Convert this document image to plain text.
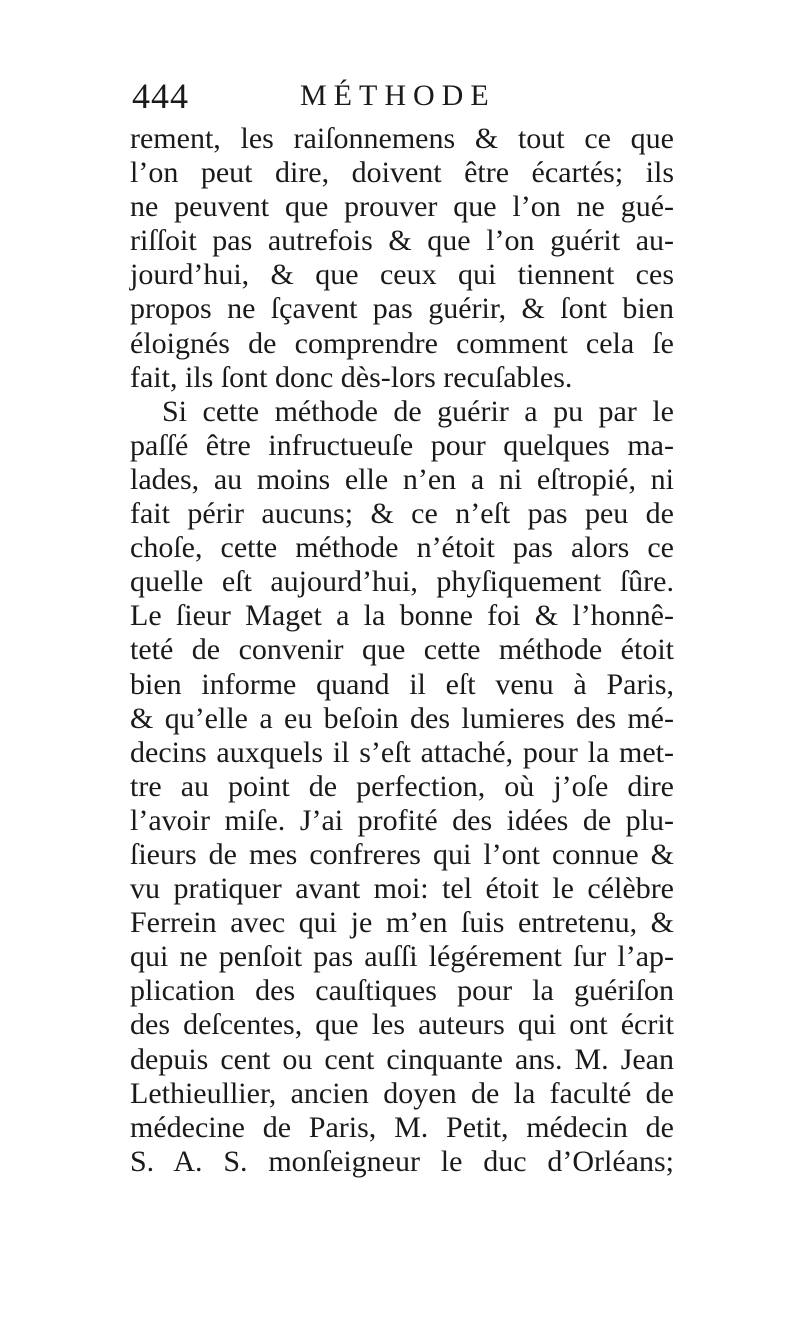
444	MÉTHODE
rement, les raiſonnemens & tout ce que
l’on peut dire, doivent être écartés; ils
ne peuvent que prouver que l’on ne gué-
riſſoit pas autrefois & que l’on guérit au-
jourd’hui, & que ceux qui tiennent ces
propos ne ſçavent pas guérir, & ſont bien
éloignés de comprendre comment cela ſe
fait, ils ſont donc dès-lors recuſables.
Si cette méthode de guérir a pu par le
paſſé être infructueuſe pour quelques ma-
lades, au moins elle n’en a ni eſtropié, ni
fait périr aucuns; & ce n’eſt pas peu de
choſe, cette méthode n’étoit pas alors ce
quelle eſt aujourd’hui, phyſiquement ſûre.
Le ſieur Maget a la bonne foi & l’honnê-
teté de convenir que cette méthode étoit
bien informe quand il eſt venu à Paris,
& qu’elle a eu beſoin des lumieres des mé-
decins auxquels il s’eſt attaché, pour la met-
tre au point de perfection, où j’oſe dire
l’avoir miſe. J’ai profité des idées de plu-
ſieurs de mes confreres qui l’ont connue &
vu pratiquer avant moi: tel étoit le célèbre
Ferrein avec qui je m’en ſuis entretenu, &
qui ne penſoit pas auſſi légérement ſur l’ap-
plication des cauſtiques pour la guériſon
des deſcentes, que les auteurs qui ont écrit
depuis cent ou cent cinquante ans. M. Jean
Lethieullier, ancien doyen de la faculté de
médecine de Paris, M. Petit, médecin de
S. A. S. monſeigneur le duc d’Orléans;
